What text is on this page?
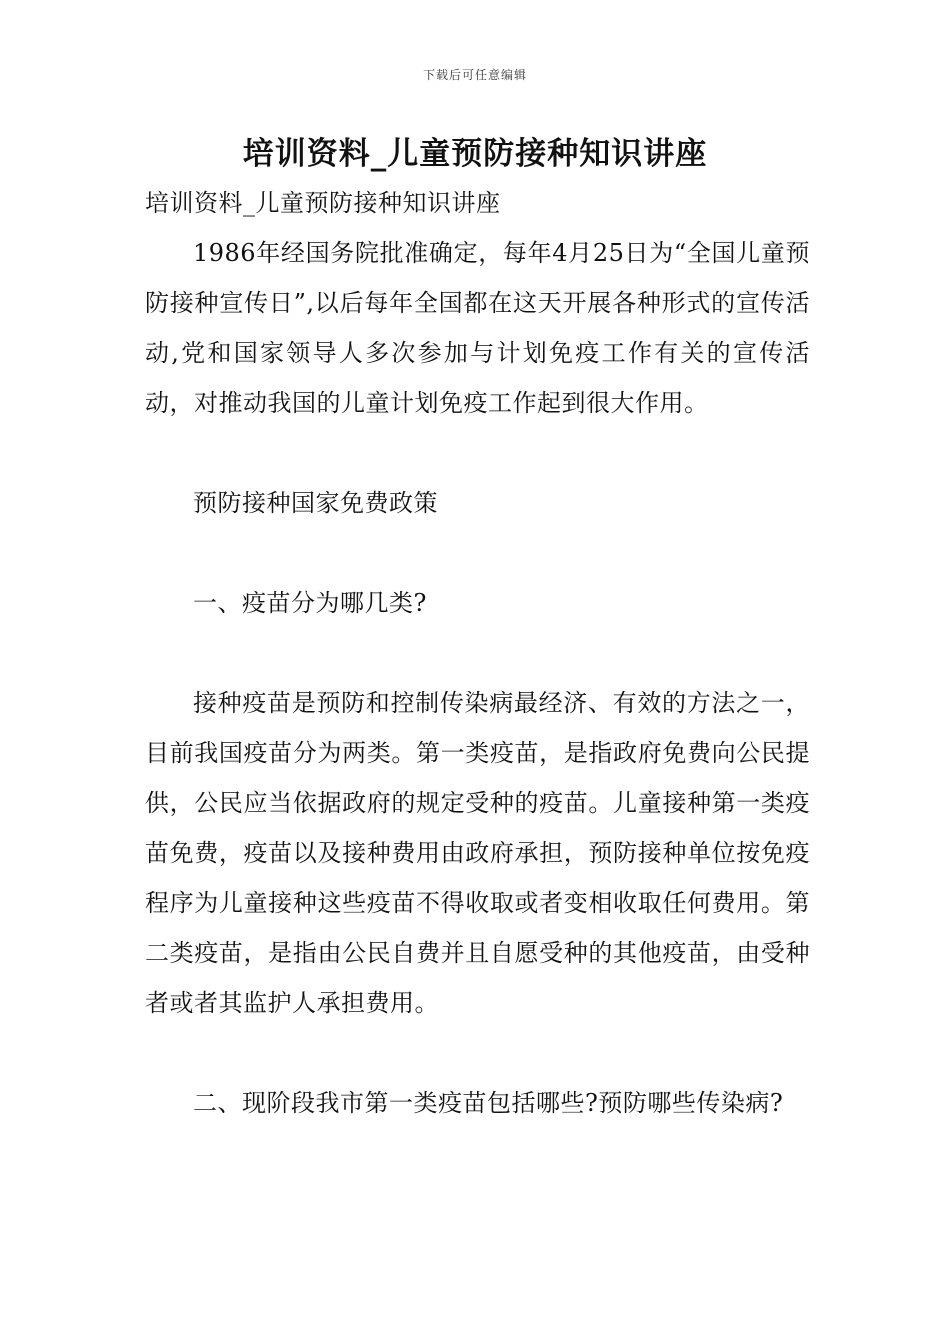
下载后可任意编辑
培训资料_儿童预防接种知识讲座

培训资料_儿童预防接种知识讲座

1986年经国务院批准确定，每年4月25日为“全国儿童预防接种宣传日”,以后每年全国都在这天开展各种形式的宣传活动,党和国家领导人多次参加与计划免疫工作有关的宣传活动，对推动我国的儿童计划免疫工作起到很大作用。

预防接种国家免费政策

一、疫苗分为哪几类?

接种疫苗是预防和控制传染病最经济、有效的方法之一，目前我国疫苗分为两类。第一类疫苗，是指政府免费向公民提供，公民应当依据政府的规定受种的疫苗。儿童接种第一类疫苗免费，疫苗以及接种费用由政府承担，预防接种单位按免疫程序为儿童接种这些疫苗不得收取或者变相收取任何费用。第二类疫苗，是指由公民自费并且自愿受种的其他疫苗，由受种者或者其监护人承担费用。

二、现阶段我市第一类疫苗包括哪些?预防哪些传染病?
